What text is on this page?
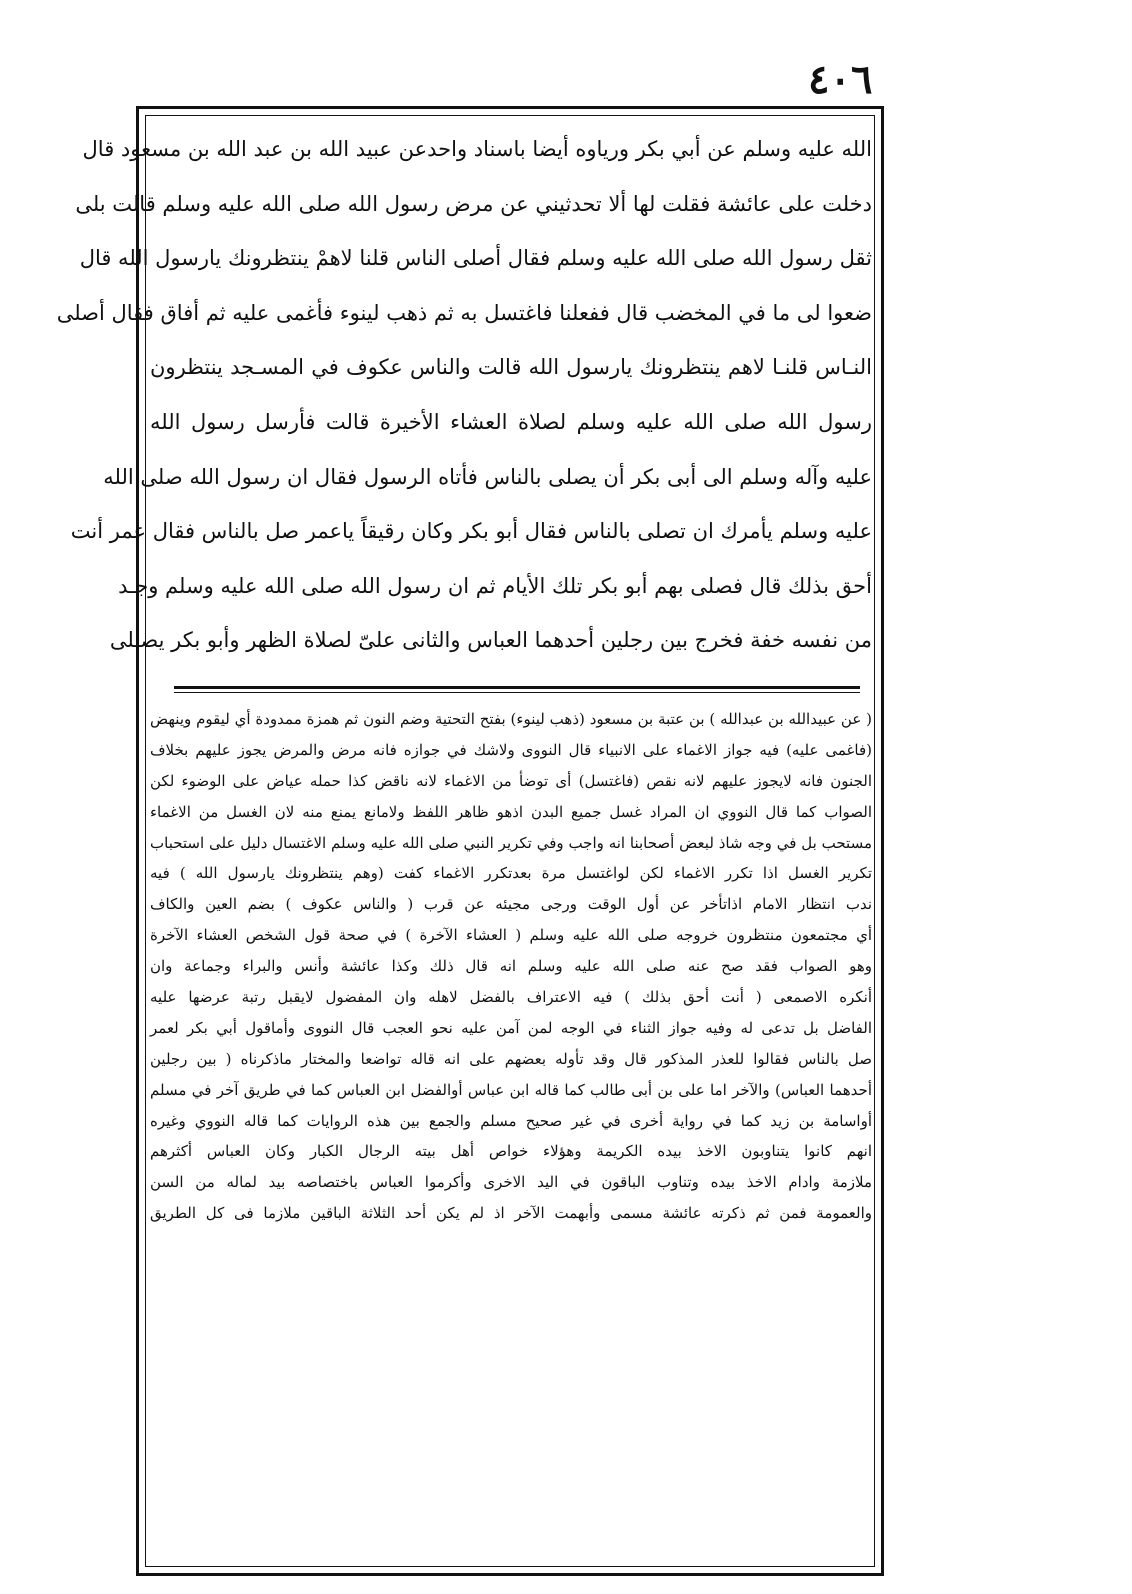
٤٠٦
الله عليه وسلم عن أبي بكر ورياوه أيضا باسناد واحدعن عبيد الله بن عبد الله بن مسعود قال
دخلت على عائشة فقلت لها ألا تحدثيني عن مرض رسول الله صلى الله عليه وسلم قالت بلى
ثقل رسول الله صلى الله عليه وسلم فقال أصلى الناس قلنا لاهمْ ينتظرونك يارسول الله قال
ضعوا لى ما في المخضب قال ففعلنا فاغتسل به ثم ذهب لينوء فأغمى عليه ثم أفاق فقال أصلى
النـاس قلنـا لاهم ينتظرونك يارسول الله قالت والناس عكوف في المسـجد ينتظرون
رسول الله صلى الله عليه وسلم لصلاة العشاء الأخيرة قالت فأرسل رسول الله
عليه وآله وسلم الى أبى بكر أن يصلى بالناس فأتاه الرسول فقال ان رسول الله صلى الله
عليه وسلم يأمرك ان تصلى بالناس فقال أبو بكر وكان رقيقاً ياعمر صل بالناس فقال عمر أنت
أحق بذلك قال فصلى بهم أبو بكر تلك الأيام ثم ان رسول الله صلى الله عليه وسلم وجـد
من نفسه خفة فخرج بين رجلين أحدهما العباس والثانى علىّ لصلاة الظهر وأبو بكر يصـلى
( عن عبيدالله بن عبدالله ) بن عتبة بن مسعود (ذهب لينوء) بفتح التحتية وضم النون ثم همزة ممدودة أي ليقوم وينهض
(فاغمى عليه) فيه جواز الاغماء على الانبياء قال النووى ولاشك في جوازه فانه مرض والمرض يجوز عليهم بخلاف
الجنون فانه لايجوز عليهم لانه نقص (فاغتسل) أى توضأ من الاغماء لانه ناقض كذا حمله عياض على الوضوء لكن
الصواب كما قال النووي ان المراد غسل جميع البدن اذهو ظاهر اللفظ ولامانع يمنع منه لان الغسل من الاغماء
مستحب بل في وجه شاذ لبعض أصحابنا انه واجب وفي تكرير النبي صلى الله عليه وسلم الاغتسال دليل على استحباب
تكرير الغسل اذا تكرر الاغماء لكن لواغتسل مرة بعدتكرر الاغماء كفت (وهم ينتظرونك يارسول الله ) فيه
ندب انتظار الامام اذاتأخر عن أول الوقت ورجى مجيئه عن قرب ( والناس عكوف ) بضم العين والكاف
أي مجتمعون منتظرون خروجه صلى الله عليه وسلم ( العشاء الآخرة ) في صحة قول الشخص العشاء الآخرة
وهو الصواب فقد صح عنه صلى الله عليه وسلم انه قال ذلك وكذا عائشة وأنس والبراء وجماعة وان
أنكره الاصمعى ( أنت أحق بذلك ) فيه الاعتراف بالفضل لاهله وان المفضول لايقبل رتبة عرضها عليه
الفاضل بل تدعى له وفيه جواز الثناء في الوجه لمن آمن عليه نحو العجب قال النووى وأماقول أبي بكر لعمر
صل بالناس فقالوا للعذر المذكور قال وقد تأوله بعضهم على انه قاله تواضعا والمختار ماذكرناه ( بين رجلين
أحدهما العباس) والآخر اما على بن أبى طالب كما قاله ابن عباس أوالفضل ابن العباس كما في طريق آخر في مسلم
أواسامة بن زيد كما في رواية أخرى في غير صحيح مسلم والجمع بين هذه الروايات كما قاله النووي وغيره
انهم كانوا يتناوبون الاخذ بيده الكريمة وهؤلاء خواص أهل بيته الرجال الكبار وكان العباس أكثرهم
ملازمة وادام الاخذ بيده وتناوب الباقون في اليد الاخرى وأكرموا العباس باختصاصه بيد لماله من السن
والعمومة فمن ثم ذكرته عائشة مسمى وأبهمت الآخر اذ لم يكن أحد الثلاثة الباقين ملازما فى كل الطريق
